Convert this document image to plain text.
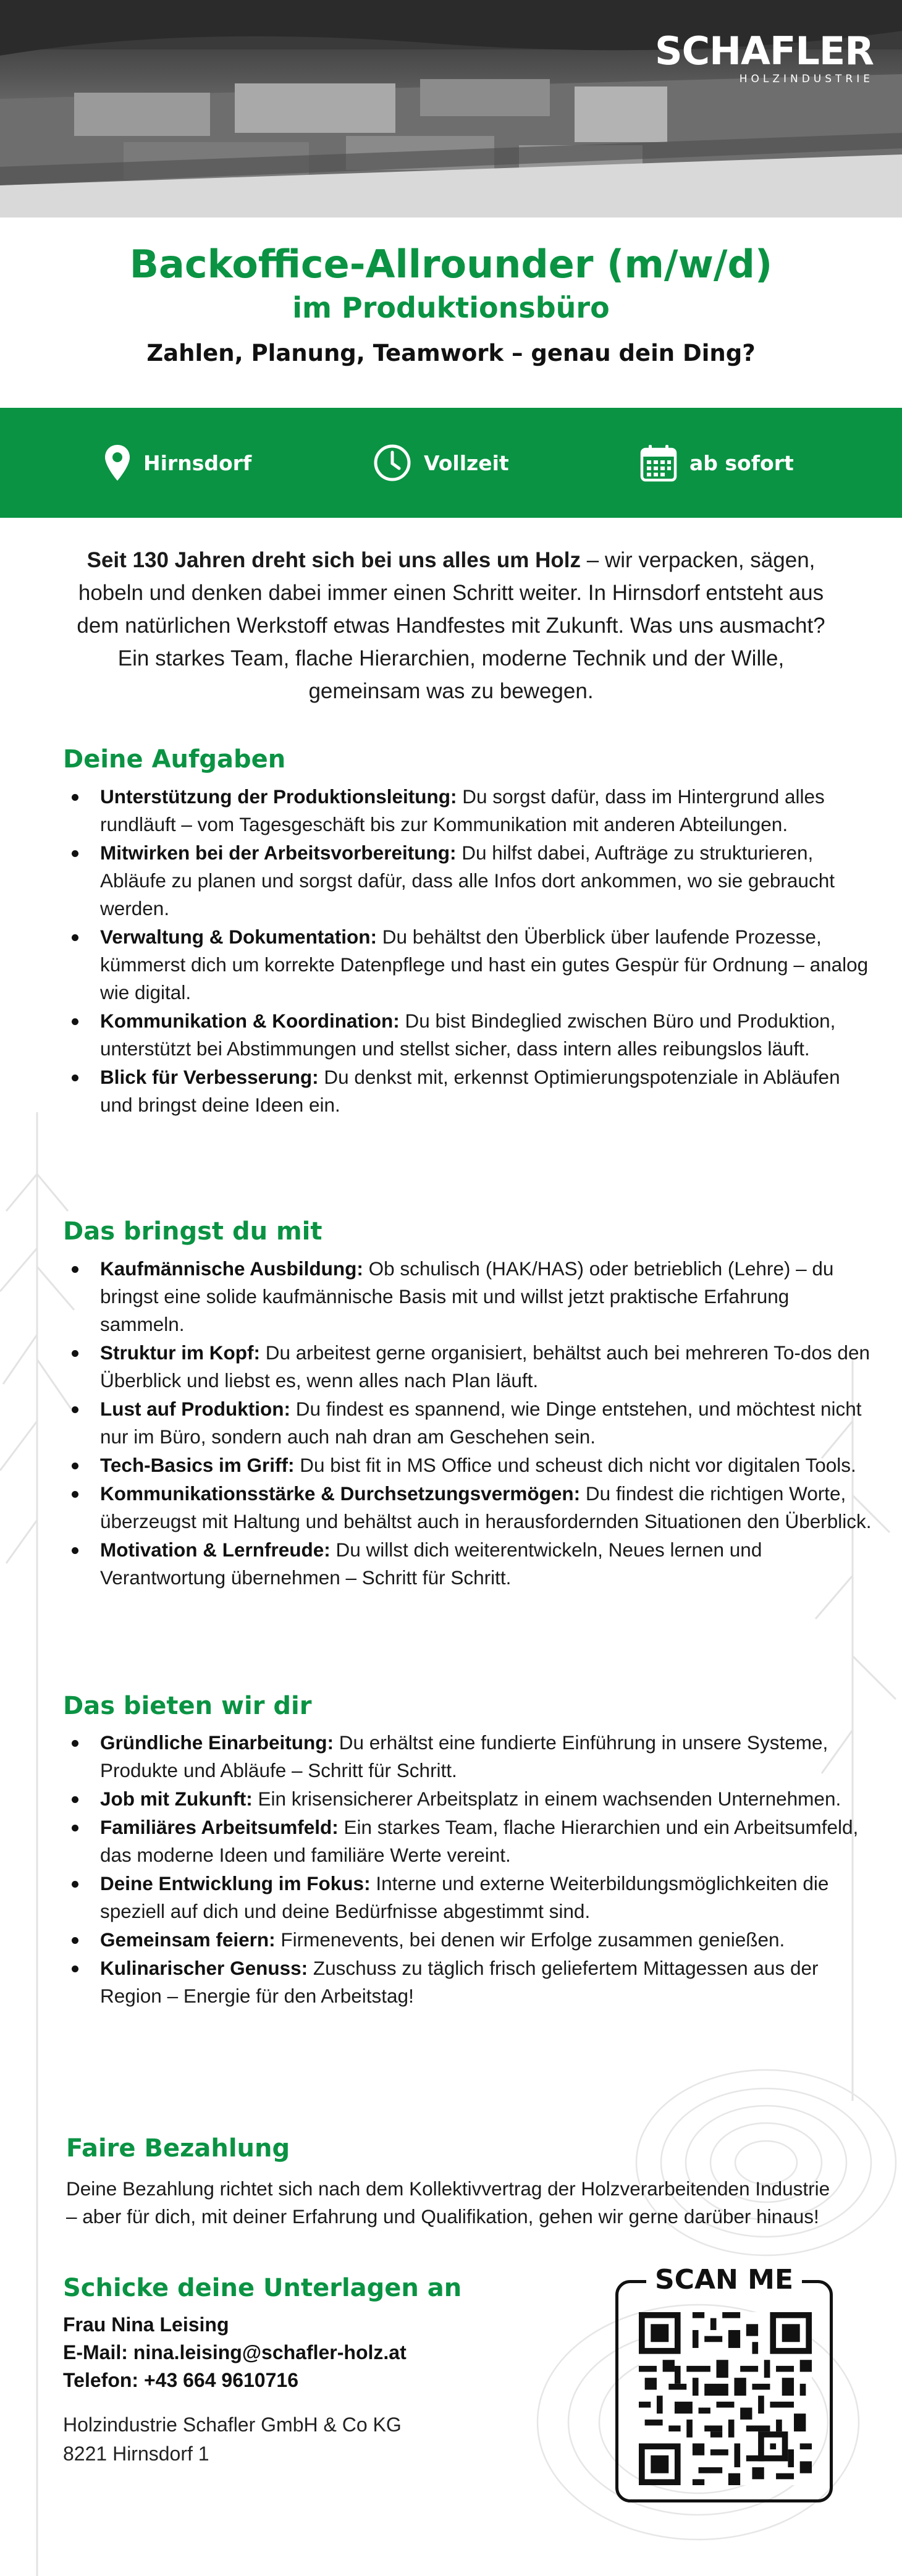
SCHAFLER
HOLZINDUSTRIE
Backoffice-Allrounder (m/w/d)
im Produktionsbüro
Zahlen, Planung, Teamwork – genau dein Ding?
Hirnsdorf	Vollzeit	ab sofort
Seit 130 Jahren dreht sich bei uns alles um Holz – wir verpacken, sägen, hobeln und denken dabei immer einen Schritt weiter. In Hirnsdorf entsteht aus dem natürlichen Werkstoff etwas Handfestes mit Zukunft. Was uns ausmacht? Ein starkes Team, flache Hierarchien, moderne Technik und der Wille, gemeinsam was zu bewegen.
Deine Aufgaben
Unterstützung der Produktionsleitung: Du sorgst dafür, dass im Hintergrund alles rundläuft – vom Tagesgeschäft bis zur Kommunikation mit anderen Abteilungen.
Mitwirken bei der Arbeitsvorbereitung: Du hilfst dabei, Aufträge zu strukturieren, Abläufe zu planen und sorgst dafür, dass alle Infos dort ankommen, wo sie gebraucht werden.
Verwaltung & Dokumentation: Du behältst den Überblick über laufende Prozesse, kümmerst dich um korrekte Datenpflege und hast ein gutes Gespür für Ordnung – analog wie digital.
Kommunikation & Koordination: Du bist Bindeglied zwischen Büro und Produktion, unterstützt bei Abstimmungen und stellst sicher, dass intern alles reibungslos läuft.
Blick für Verbesserung: Du denkst mit, erkennst Optimierungspotenziale in Abläufen und bringst deine Ideen ein.
Das bringst du mit
Kaufmännische Ausbildung: Ob schulisch (HAK/HAS) oder betrieblich (Lehre) – du bringst eine solide kaufmännische Basis mit und willst jetzt praktische Erfahrung sammeln.
Struktur im Kopf: Du arbeitest gerne organisiert, behältst auch bei mehreren To-dos den Überblick und liebst es, wenn alles nach Plan läuft.
Lust auf Produktion: Du findest es spannend, wie Dinge entstehen, und möchtest nicht nur im Büro, sondern auch nah dran am Geschehen sein.
Tech-Basics im Griff: Du bist fit in MS Office und scheust dich nicht vor digitalen Tools.
Kommunikationsstärke & Durchsetzungsvermögen: Du findest die richtigen Worte, überzeugst mit Haltung und behältst auch in herausfordernden Situationen den Überblick.
Motivation & Lernfreude: Du willst dich weiterentwickeln, Neues lernen und Verantwortung übernehmen – Schritt für Schritt.
Das bieten wir dir
Gründliche Einarbeitung: Du erhältst eine fundierte Einführung in unsere Systeme, Produkte und Abläufe – Schritt für Schritt.
Job mit Zukunft: Ein krisensicherer Arbeitsplatz in einem wachsenden Unternehmen.
Familiäres Arbeitsumfeld: Ein starkes Team, flache Hierarchien und ein Arbeitsumfeld, das moderne Ideen und familiäre Werte vereint.
Deine Entwicklung im Fokus: Interne und externe Weiterbildungsmöglichkeiten die speziell auf dich und deine Bedürfnisse abgestimmt sind.
Gemeinsam feiern: Firmenevents, bei denen wir Erfolge zusammen genießen.
Kulinarischer Genuss: Zuschuss zu täglich frisch geliefertem Mittagessen aus der Region – Energie für den Arbeitstag!
Faire Bezahlung
Deine Bezahlung richtet sich nach dem Kollektivvertrag der Holzverarbeitenden Industrie – aber für dich, mit deiner Erfahrung und Qualifikation, gehen wir gerne darüber hinaus!
Schicke deine Unterlagen an
Frau Nina Leising
E-Mail: nina.leising@schafler-holz.at
Telefon: +43 664 9610716
Holzindustrie Schafler GmbH & Co KG
8221 Hirnsdorf 1
SCAN ME
